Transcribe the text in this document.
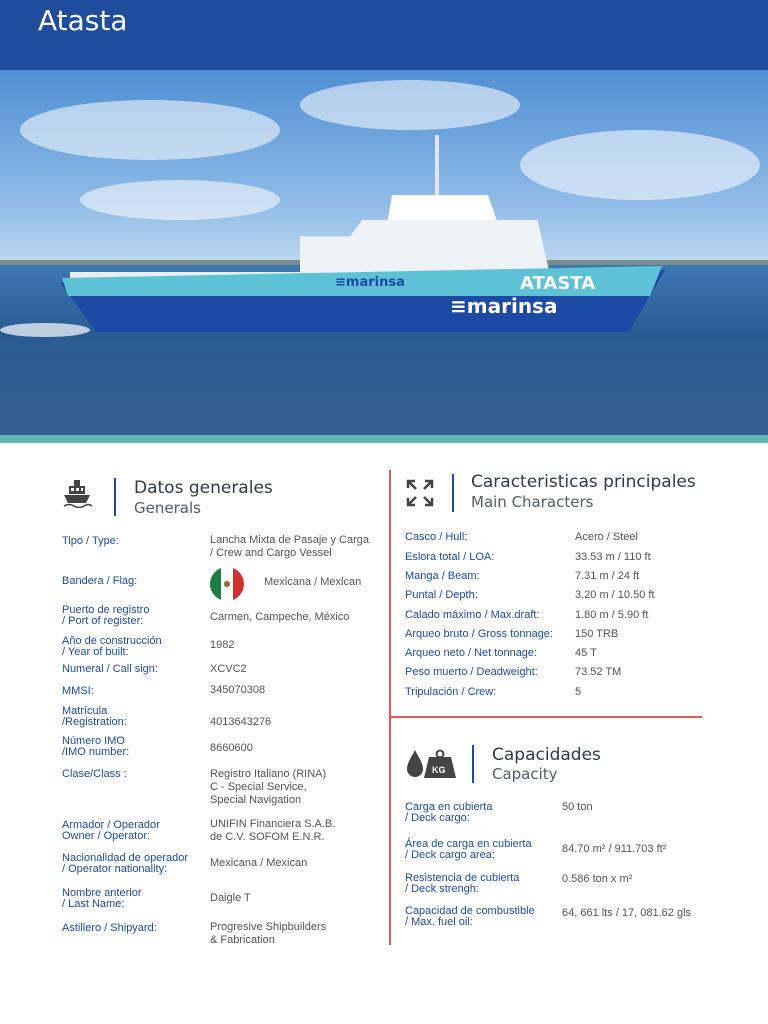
Atasta
ATASTA
≡marinsa
≡marinsa
Datos generales
Generals
Tipo / Type:	Lancha Mixta de Pasaje y Carga
/ Crew and Cargo Vessel
Bandera / Flag:	Mexicana / Mexican
Puerto de registro
/ Port of register:	Carmen, Campeche, México
Año de construcción
/ Year of built:
1982
Numeral / Call sign:	XCVC2
MMSI:	345070308
Matrícula
/Registration:	4013643276
Número IMO
/IMO number:	8660600
Clase/Class :	Registro Italiano (RINA)
C - Special Service,
Special Navigation
Armador / Operador
Owner / Operator:
UNIFIN Financiera S.A.B.
de C.V. SOFOM E.N.R.
Nacionalidad de operador
/ Operator nationality:	Mexicana / Mexican
Nombre anterior
/ Last Name:	Daigle T
Astillero / Shipyard:	Progresive Shipbuilders
& Fabrication
Caracteristicas principales
Main Characters
Casco / Hull:	Acero / Steel
Eslora total / LOA:	33.53 m / 110 ft
Manga / Beam:	7.31 m / 24 ft
Puntal / Depth:	3.20 m / 10.50 ft
Calado máximo / Max.draft:	1.80 m / 5.90 ft
Arqueo bruto / Gross tonnage: 150 TRB
Arqueo neto / Net tonnage:	45 T
Peso muerto / Deadweight:	73.52 TM
Tripulación / Crew:	5
KG
Capacidades
Capacity
Carga en cubierta
/ Deck cargo:
50 ton
Área de carga en cubierta
/ Deck cargo area:	84.70 m² / 911.703 ft²
Resistencia de cubierta
/ Deck strengh:
0.586 ton x m²
Capacidad de combustible
/ Max. fuel oil:
64, 661 lts / 17, 081.62 gls
